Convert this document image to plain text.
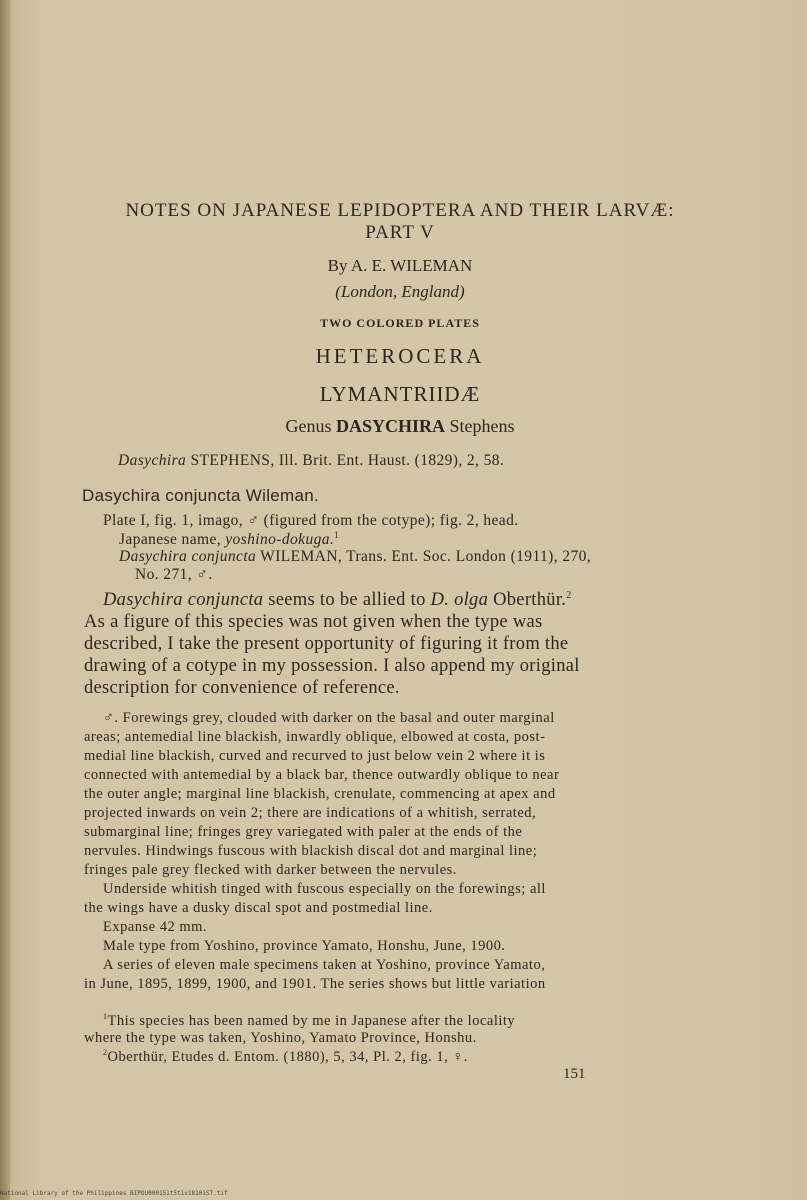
NOTES ON JAPANESE LEPIDOPTERA AND THEIR LARVÆ:
PART V
By A. E. WILEMAN
(London, England)
TWO COLORED PLATES
HETEROCERA
LYMANTRIIDÆ
Genus DASYCHIRA Stephens
Dasychira STEPHENS, Ill. Brit. Ent. Haust. (1829), 2, 58.
Dasychira conjuncta Wileman.
Plate I, fig. 1, imago, ♂ (figured from the cotype); fig. 2, head.
Japanese name, yoshino-dokuga.$^1$
Dasychira conjuncta WILEMAN, Trans. Ent. Soc. London (1911), 270,
No. 271, ♂.
Dasychira conjuncta seems to be allied to D. olga Oberthür.$^2$
As a figure of this species was not given when the type was
described, I take the present opportunity of figuring it from the
drawing of a cotype in my possession. I also append my original
description for convenience of reference.
♂. Forewings grey, clouded with darker on the basal and outer marginal
areas; antemedial line blackish, inwardly oblique, elbowed at costa, post-
medial line blackish, curved and recurved to just below vein 2 where it is
connected with antemedial by a black bar, thence outwardly oblique to near
the outer angle; marginal line blackish, crenulate, commencing at apex and
projected inwards on vein 2; there are indications of a whitish, serrated,
submarginal line; fringes grey variegated with paler at the ends of the
nervules. Hindwings fuscous with blackish discal dot and marginal line;
fringes pale grey flecked with darker between the nervules.
Underside whitish tinged with fuscous especially on the forewings; all
the wings have a dusky discal spot and postmedial line.
Expanse 42 mm.
Male type from Yoshino, province Yamato, Honshu, June, 1900.
A series of eleven male specimens taken at Yoshino, province Yamato,
in June, 1895, 1899, 1900, and 1901. The series shows but little variation
$^1$This species has been named by me in Japanese after the locality
where the type was taken, Yoshino, Yamato Province, Honshu.
$^2$Oberthür, Etudes d. Entom. (1880), 5, 34, Pl. 2, fig. 1, ♀.
151
National Library of the Philippines BIPOU000151t5t1v18101ST.tif
